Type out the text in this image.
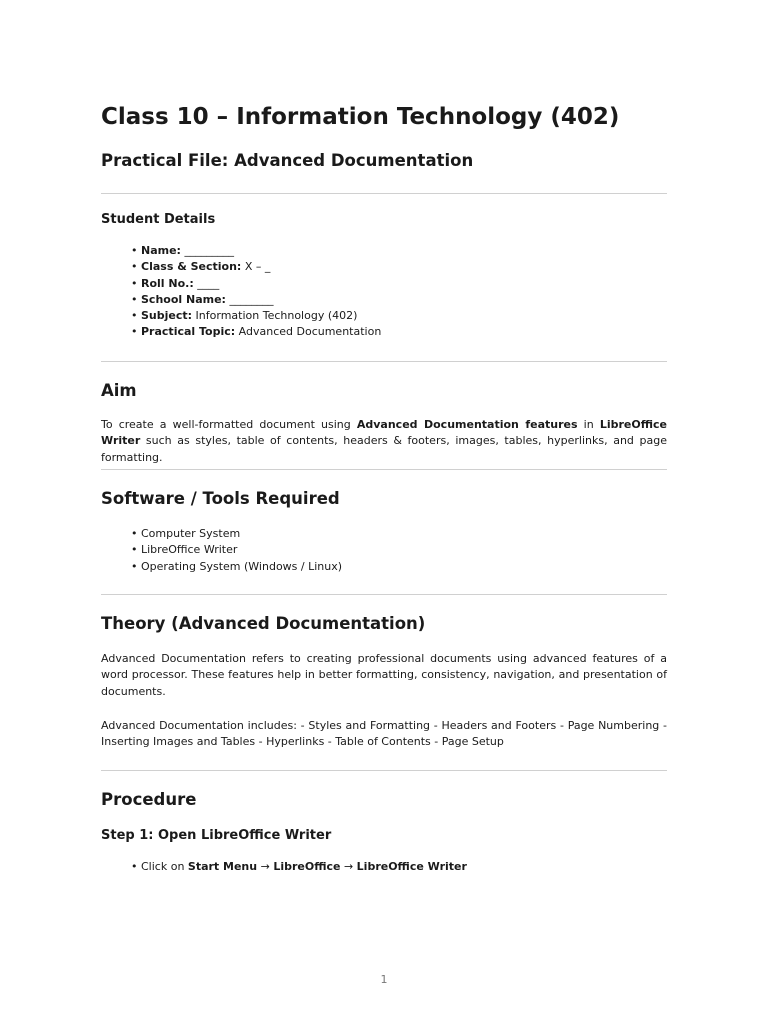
Class 10 – Information Technology (402)
Practical File: Advanced Documentation
Student Details
• Name: _________
• Class & Section: X – _
• Roll No.: ____
• School Name: ________
• Subject: Information Technology (402)
• Practical Topic: Advanced Documentation
Aim

To create a well-formatted document using Advanced Documentation features in LibreOffice Writer such as styles, table of contents, headers & footers, images, tables, hyperlinks, and page formatting.

Software / Tools Required
• Computer System
• LibreOffice Writer
• Operating System (Windows / Linux)
Theory (Advanced Documentation)

Advanced Documentation refers to creating professional documents using advanced features of a word processor. These features help in better formatting, consistency, navigation, and presentation of documents.

Advanced Documentation includes: - Styles and Formatting - Headers and Footers - Page Numbering - Inserting Images and Tables - Hyperlinks - Table of Contents - Page Setup

Procedure
Step 1: Open LibreOffice Writer
• Click on Start Menu → LibreOffice → LibreOffice Writer
1
